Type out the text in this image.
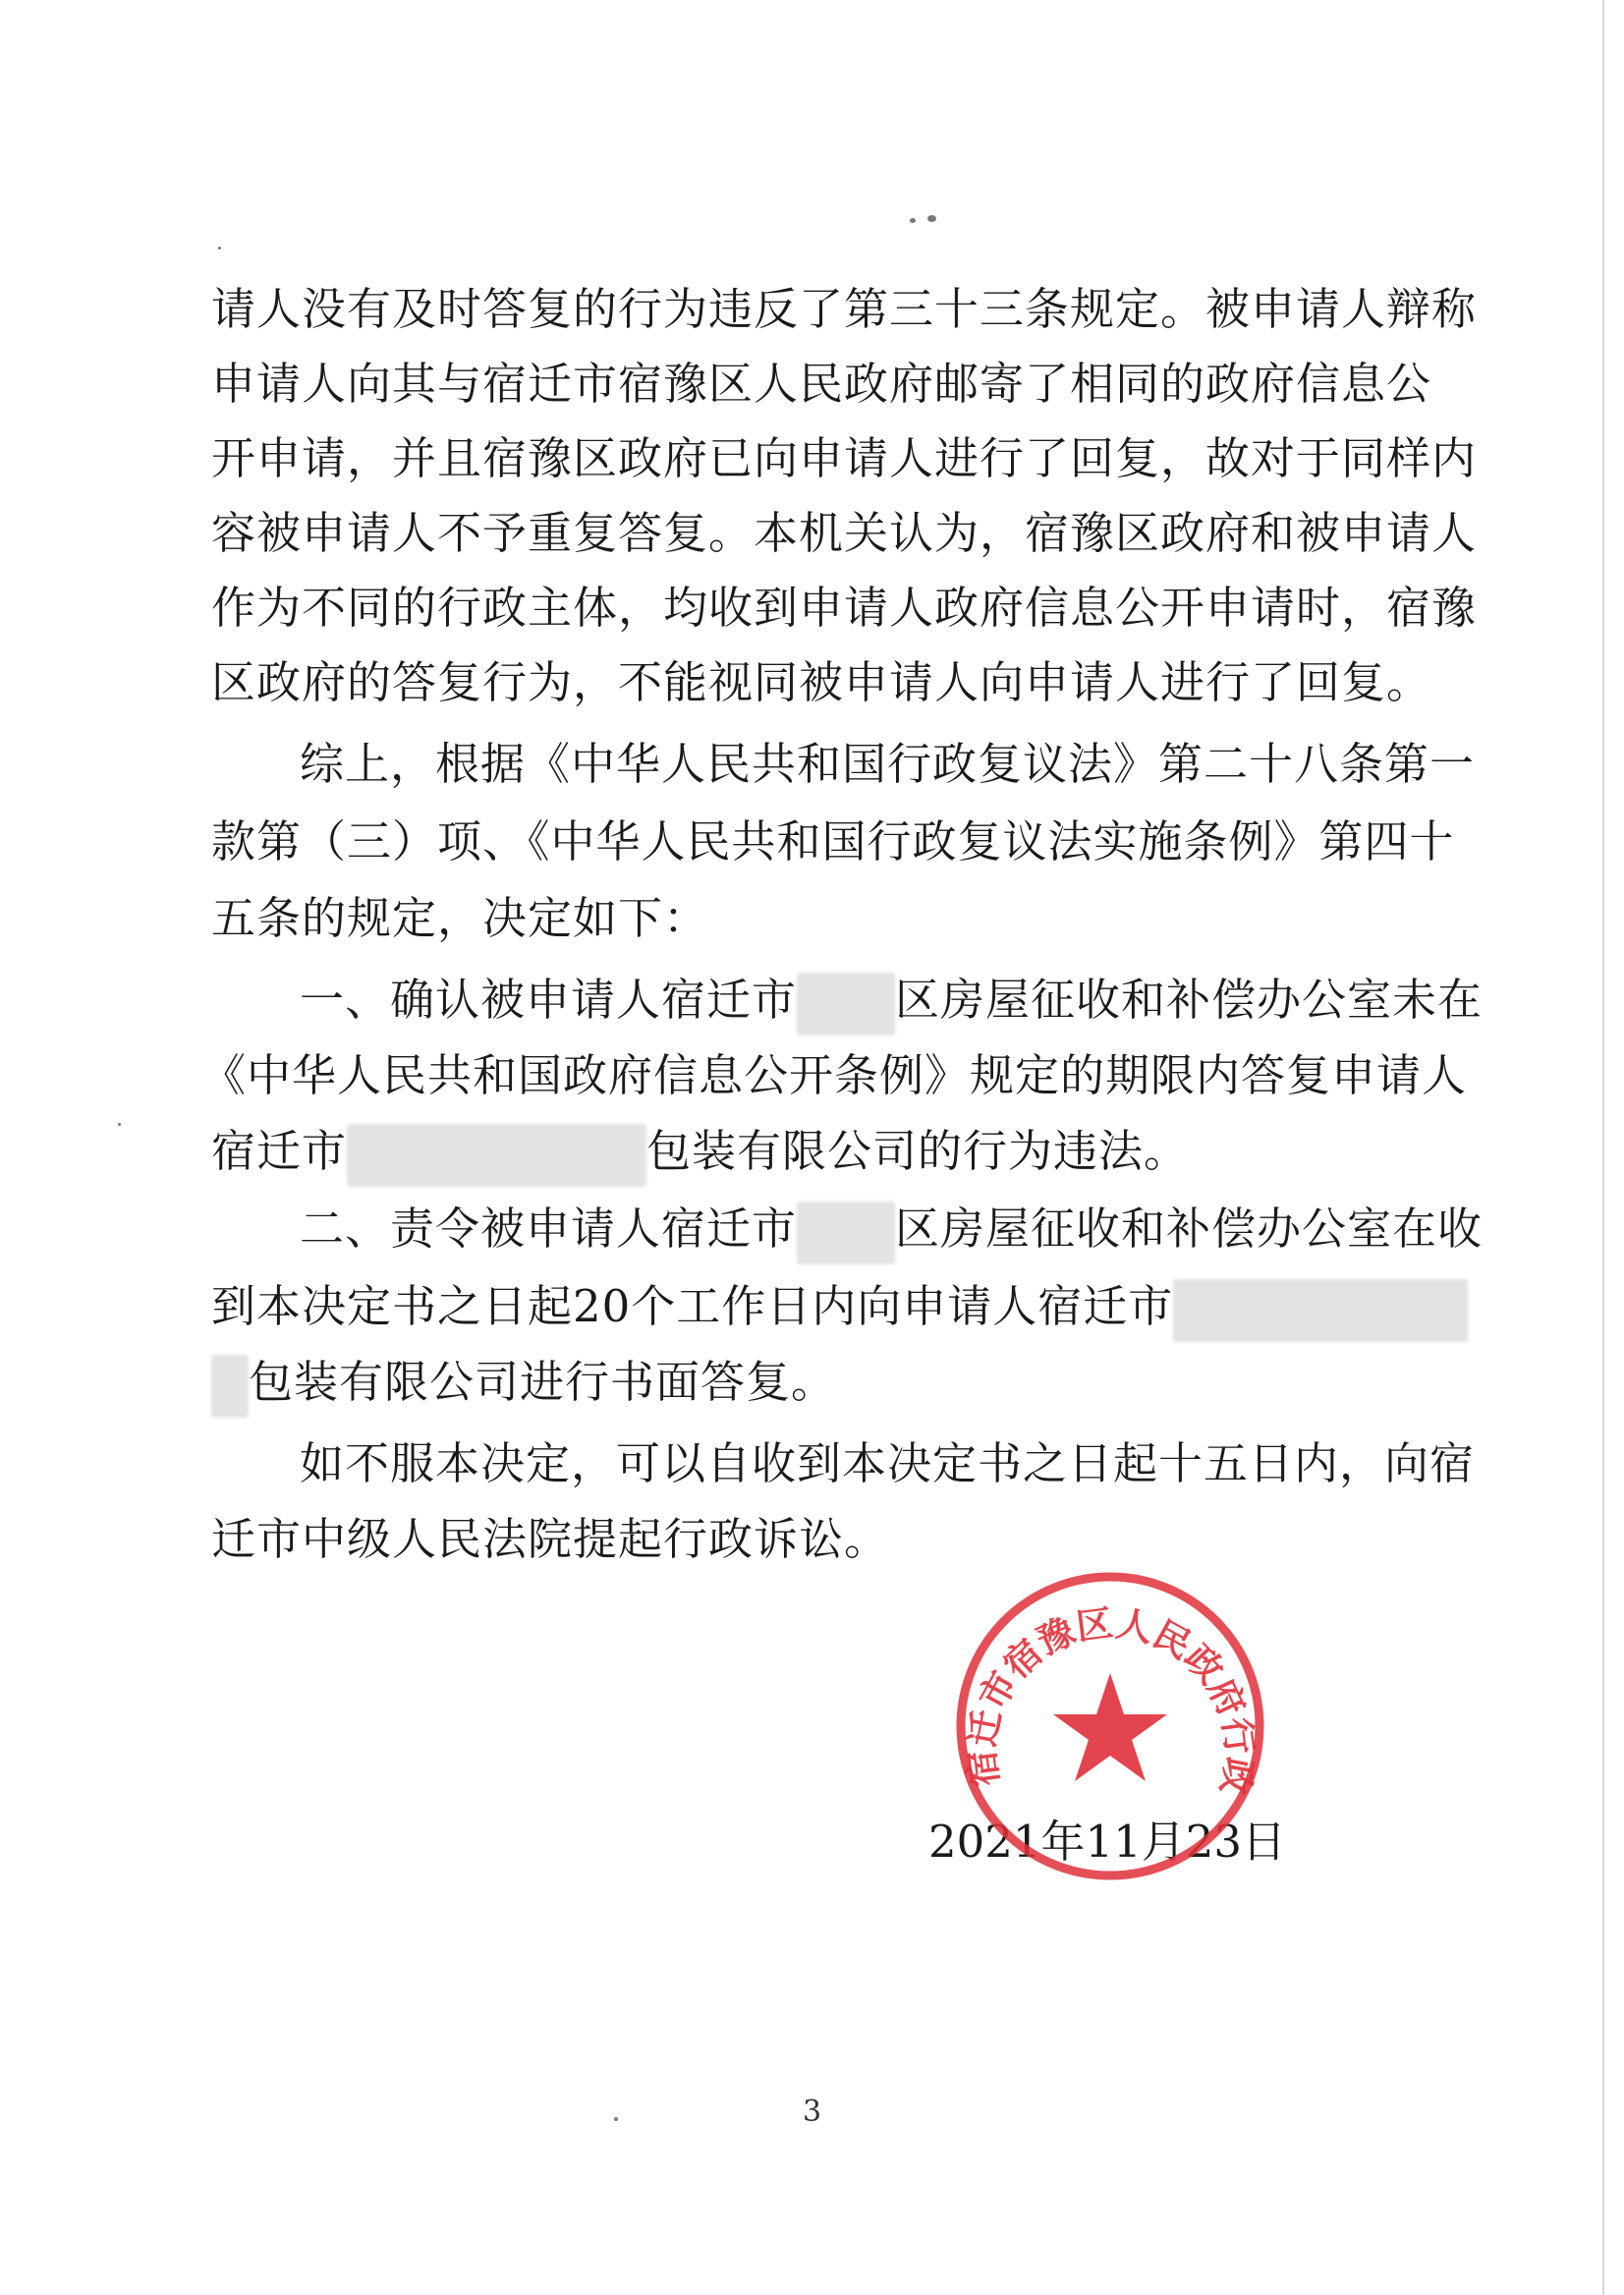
请人没有及时答复的行为违反了第三十三条规定。被申请人辩称
申请人向其与宿迁市宿豫区人民政府邮寄了相同的政府信息公
开申请，并且宿豫区政府已向申请人进行了回复，故对于同样内
容被申请人不予重复答复。本机关认为，宿豫区政府和被申请人
作为不同的行政主体，均收到申请人政府信息公开申请时，宿豫
区政府的答复行为，不能视同被申请人向申请人进行了回复。
综上，根据《中华人民共和国行政复议法》第二十八条第一
款第（三）项、《中华人民共和国行政复议法实施条例》第四十
五条的规定，决定如下：
一、确认被申请人宿迁市 区房屋征收和补偿办公室未在
《中华人民共和国政府信息公开条例》规定的期限内答复申请人
宿迁市	包装有限公司的行为违法。
二、责令被申请人宿迁市 区房屋征收和补偿办公室在收
到本决定书之日起20个工作日内向申请人宿迁市
包装有限公司进行书面答复。
如不服本决定，可以自收到本决定书之日起十五日内，向宿
迁市中级人民法院提起行政诉讼。
2021年11月23日
宿迁市宿豫区人民政府行政
3
